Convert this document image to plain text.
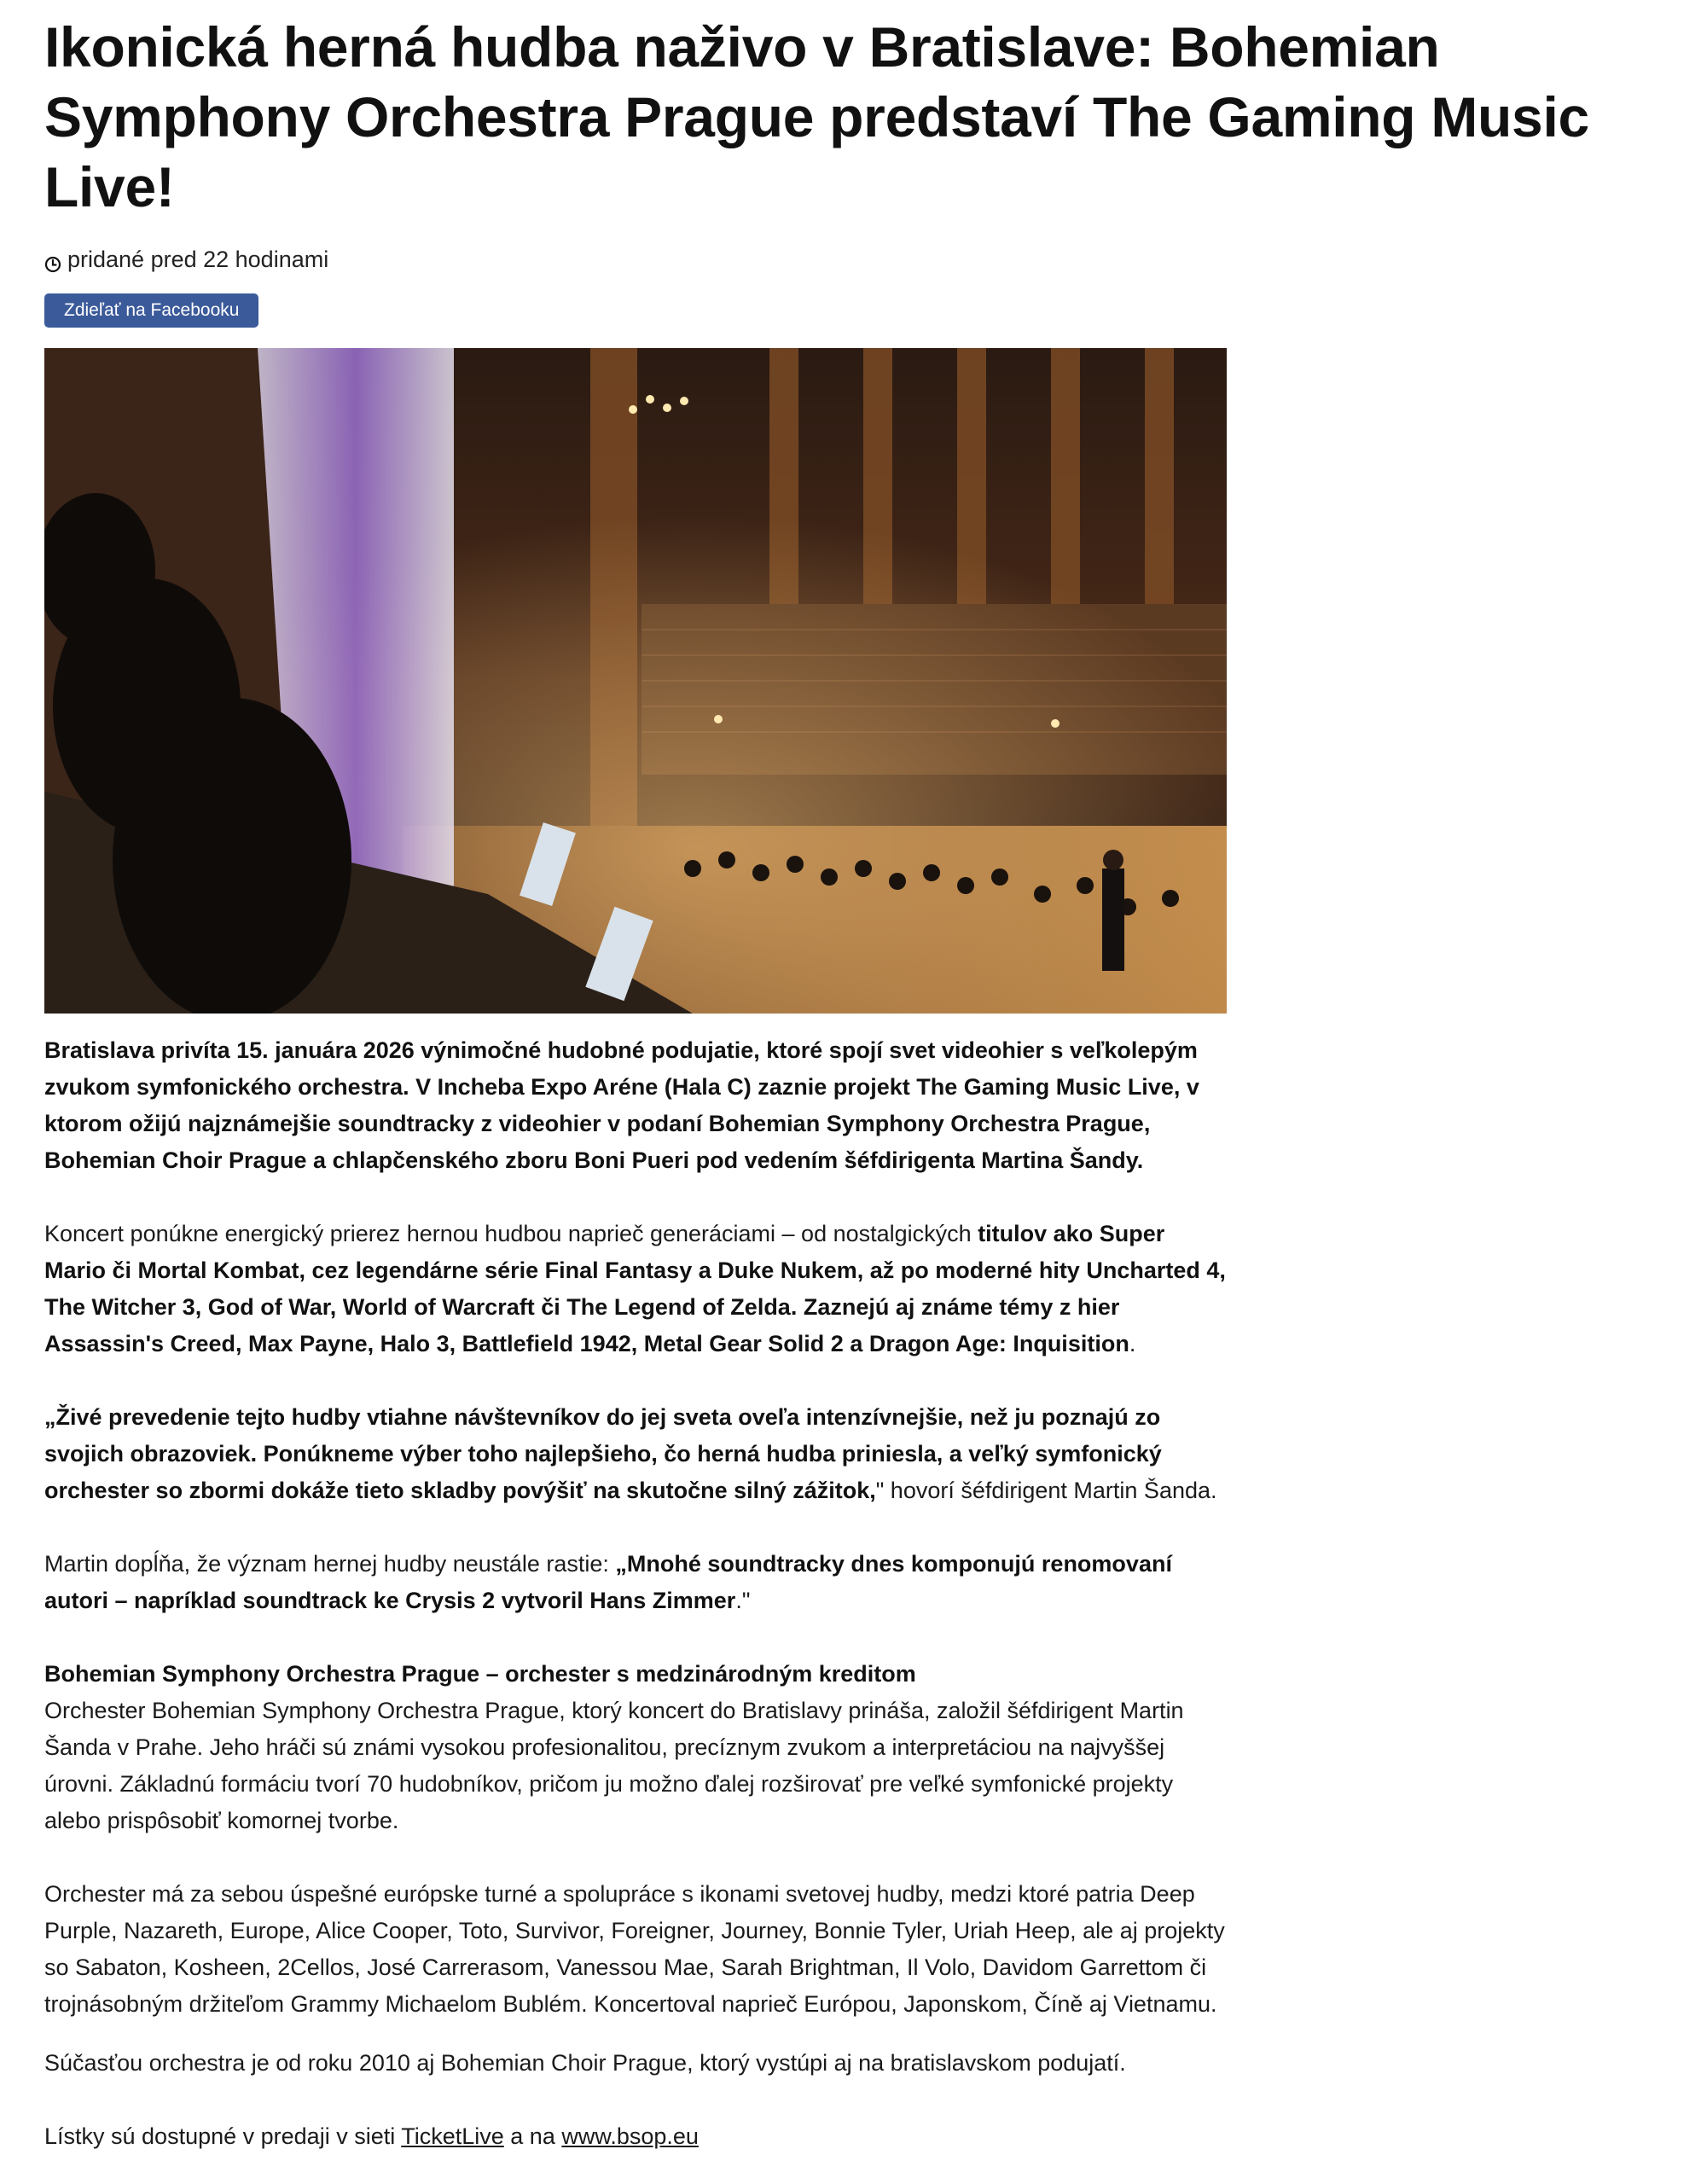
Ikonická herná hudba naživo v Bratislave: Bohemian Symphony Orchestra Prague predstaví The Gaming Music Live!
pridané pred 22 hodinami
Zdieľať na Facebooku

Bratislava privíta 15. januára 2026 výnimočné hudobné podujatie, ktoré spojí svet videohier s veľkolepým zvukom symfonického orchestra. V Incheba Expo Aréne (Hala C) zaznie projekt The Gaming Music Live, v ktorom ožijú najznámejšie soundtracky z videohier v podaní Bohemian Symphony Orchestra Prague, Bohemian Choir Prague a chlapčenského zboru Boni Pueri pod vedením šéfdirigenta Martina Šandy.

Koncert ponúkne energický prierez hernou hudbou naprieč generáciami – od nostalgických titulov ako Super Mario či Mortal Kombat, cez legendárne série Final Fantasy a Duke Nukem, až po moderné hity Uncharted 4, The Witcher 3, God of War, World of Warcraft či The Legend of Zelda. Zaznejú aj známe témy z hier Assassin's Creed, Max Payne, Halo 3, Battlefield 1942, Metal Gear Solid 2 a Dragon Age: Inquisition.

„Živé prevedenie tejto hudby vtiahne návštevníkov do jej sveta oveľa intenzívnejšie, než ju poznajú zo svojich obrazoviek. Ponúkneme výber toho najlepšieho, čo herná hudba priniesla, a veľký symfonický orchester so zbormi dokáže tieto skladby povýšiť na skutočne silný zážitok," hovorí šéfdirigent Martin Šanda.

Martin dopĺňa, že význam hernej hudby neustále rastie: „Mnohé soundtracky dnes komponujú renomovaní autori – napríklad soundtrack ke Crysis 2 vytvoril Hans Zimmer."

Bohemian Symphony Orchestra Prague – orchester s medzinárodným kreditom

Orchester Bohemian Symphony Orchestra Prague, ktorý koncert do Bratislavy prináša, založil šéfdirigent Martin Šanda v Prahe. Jeho hráči sú známi vysokou profesionalitou, precíznym zvukom a interpretáciou na najvyššej úrovni. Základnú formáciu tvorí 70 hudobníkov, pričom ju možno ďalej rozširovať pre veľké symfonické projekty alebo prispôsobiť komornej tvorbe.

Orchester má za sebou úspešné európske turné a spolupráce s ikonami svetovej hudby, medzi ktoré patria Deep Purple, Nazareth, Europe, Alice Cooper, Toto, Survivor, Foreigner, Journey, Bonnie Tyler, Uriah Heep, ale aj projekty so Sabaton, Kosheen, 2Cellos, José Carrerasom, Vanessou Mae, Sarah Brightman, Il Volo, Davidom Garrettom či trojnásobným držiteľom Grammy Michaelom Bublém. Koncertoval naprieč Európou, Japonskom, Číně aj Vietnamu.

Súčasťou orchestra je od roku 2010 aj Bohemian Choir Prague, ktorý vystúpi aj na bratislavskom podujatí.

Lístky sú dostupné v predaji v sieti TicketLive a na www.bsop.eu
